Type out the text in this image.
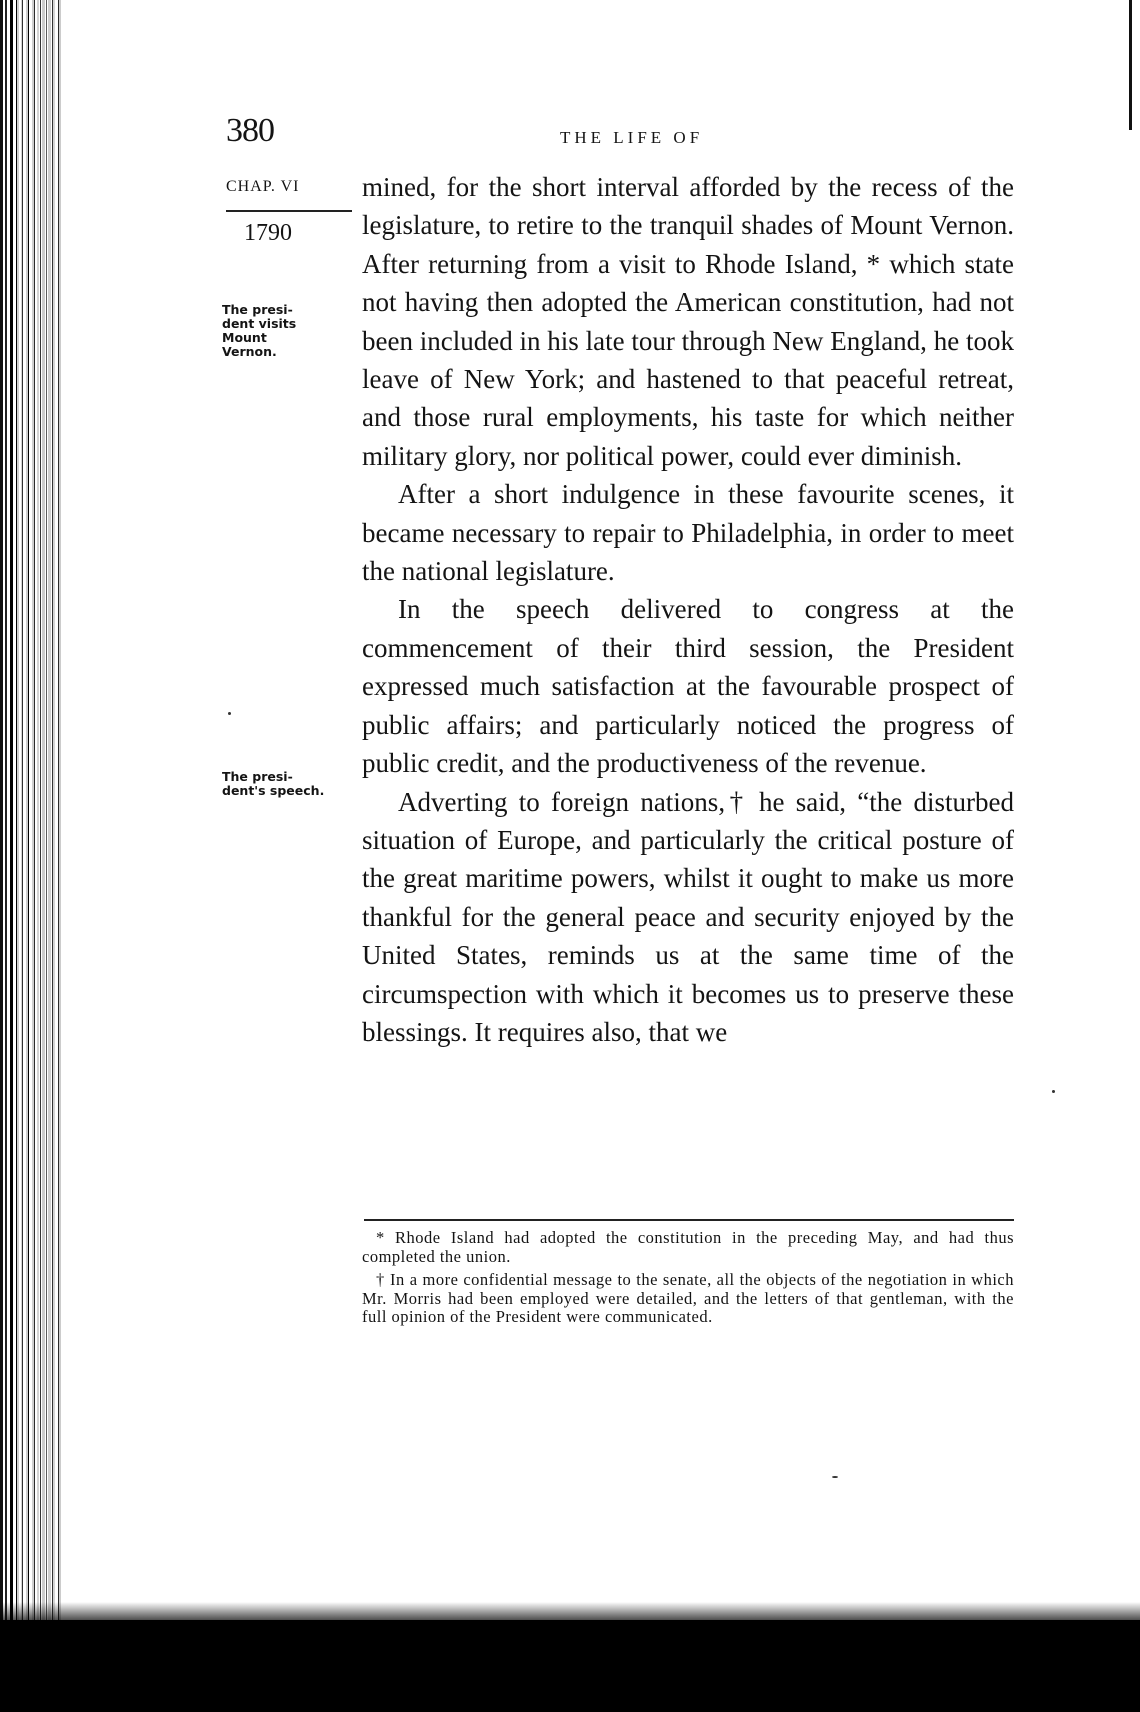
380	THE LIFE OF
CHAP. VI
1790
The presi-
dent visits
Mount
Vernon.
The presi-
dent's speech.

mined, for the short interval afforded by the recess of the legislature, to retire to the tranquil shades of Mount Vernon. After returning from a visit to Rhode Island, * which state not having then adopted the American constitution, had not been included in his late tour through New England, he took leave of New York; and hastened to that peaceful retreat, and those rural employments, his taste for which neither military glory, nor political power, could ever diminish.

After a short indulgence in these favourite scenes, it became necessary to repair to Philadelphia, in order to meet the national legislature.

In the speech delivered to congress at the commencement of their third session, the President expressed much satisfaction at the favourable prospect of public affairs; and particularly noticed the progress of public credit, and the productiveness of the revenue.

Adverting to foreign nations,† he said, “the disturbed situation of Europe, and particularly the critical posture of the great maritime powers, whilst it ought to make us more thankful for the general peace and security enjoyed by the United States, reminds us at the same time of the circumspection with which it becomes us to preserve these blessings. It requires also, that we

* Rhode Island had adopted the constitution in the preceding May, and had thus completed the union.

† In a more confidential message to the senate, all the objects of the negotiation in which Mr. Morris had been employed were detailed, and the letters of that gentleman, with the full opinion of the President were communicated.
